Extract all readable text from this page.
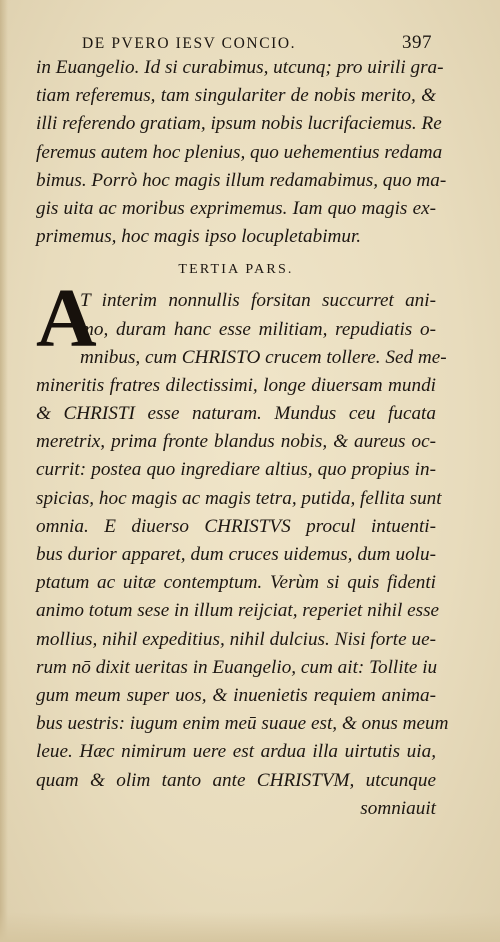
DE PVERO IESV CONCIO.	397
in Euangelio. Id si curabimus, utcunq; pro uirili gra-
tiam referemus, tam singulariter de nobis merito, &
illi referendo gratiam, ipsum nobis lucrifaciemus. Re
feremus autem hoc plenius, quo uehementius redama
bimus. Porrò hoc magis illum redamabimus, quo ma-
gis uita ac moribus exprimemus. Iam quo magis ex-
primemus, hoc magis ipso locupletabimur.
TERTIA PARS.
A
T interim nonnullis forsitan succurret ani-
mo, duram hanc esse militiam, repudiatis o-
mnibus, cum CHRISTO crucem tollere. Sed me-
mineritis fratres dilectissimi, longe diuersam mundi
& CHRISTI esse naturam. Mundus ceu fucata
meretrix, prima fronte blandus nobis, & aureus oc-
currit: postea quo ingrediare altius, quo propius in-
spicias, hoc magis ac magis tetra, putida, fellita sunt
omnia. E diuerso CHRISTVS procul intuenti-
bus durior apparet, dum cruces uidemus, dum uolu-
ptatum ac uitæ contemptum. Verùm si quis fidenti
animo totum sese in illum reijciat, reperiet nihil esse
mollius, nihil expeditius, nihil dulcius. Nisi forte ue-
rum nō dixit ueritas in Euangelio, cum ait: Tollite iu
gum meum super uos, & inuenietis requiem anima-
bus uestris: iugum enim meū suaue est, & onus meum
leue. Hæc nimirum uere est ardua illa uirtutis uia,
quam & olim tanto ante CHRISTVM, utcunque
somniauit
